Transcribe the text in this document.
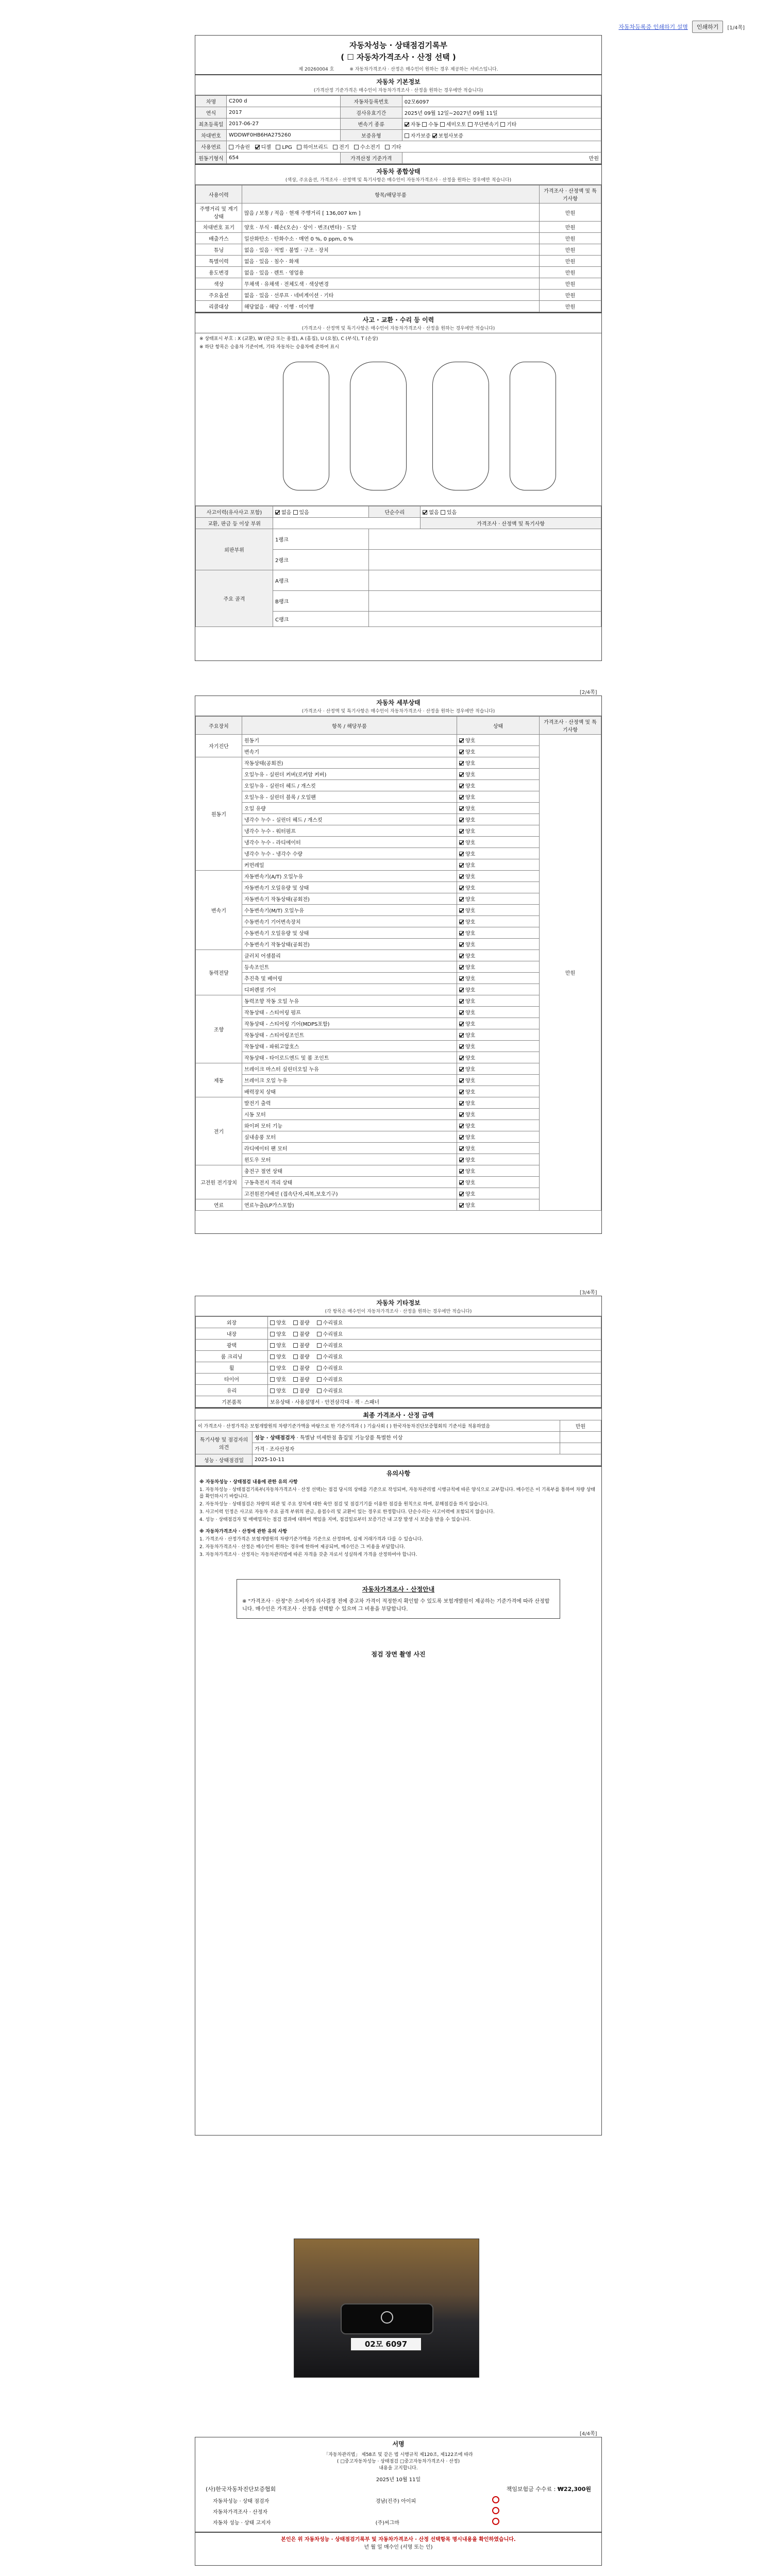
자동차등록증 인쇄하기 설명	인쇄하기	[1/4쪽]
자동차성능 · 상태점검기록부
( ☐ 자동차가격조사 · 산정 선택 )
제 20260004 호	※ 자동차가격조사 · 산정은 매수인이 원하는 경우 제공하는 서비스입니다.
자동차 기본정보
(가격산정 기준가격은 매수인이 자동차가격조사 · 산정을 원하는 경우에만 적습니다)
차명	C200 d	자동차등록번호	02모6097
연식	2017	검사유효기간	2025년 09월 12일~2027년 09월 11일
최초등록일	2017-06-27	변속기 종류	자동 수동 세미오토 무단변속기 기타
차대번호	WDDWF0HB6HA275260	보증유형	자가보증 보험사보증
사용연료	가솔린 디젤 LPG 하이브리드 전기 수소전기 기타		
원동기형식	654	가격산정 기준가격	만원
자동차 종합상태
(색상, 주요옵션, 가격조사 · 산정액 및 특기사항은 매수인이 자동차가격조사 · 산정을 원하는 경우에만 적습니다)
사용이력	항목/해당부품	가격조사 · 산정액 및 특기사항
주행거리 및 계기상태	많음 / 보통 / 적음 · 현재 주행거리 [ 136,007 km ]	만원
차대번호 표기	양호 · 부식 · 훼손(오손) · 상이 · 변조(변타) · 도말	만원
배출가스	일산화탄소 · 탄화수소 · 매연 0 %, 0 ppm, 0 %	만원
튜닝	없음 · 있음 · 적법 · 불법 · 구조 · 장치	만원
특별이력	없음 · 있음 · 침수 · 화재	만원
용도변경	없음 · 있음 · 렌트 · 영업용	만원
색상	무채색 · 유채색 · 전체도색 · 색상변경	만원
주요옵션	없음 · 있음 · 선루프 · 네비게이션 · 기타	만원
리콜대상	해당없음 · 해당 · 이행 · 미이행	만원
사고 · 교환 · 수리 등 이력
(가격조사 · 산정액 및 특기사항은 매수인이 자동차가격조사 · 산정을 원하는 경우에만 적습니다)
※ 상태표시 부호 : X (교환), W (판금 또는 용접), A (흠집), U (요철), C (부식), T (손상)
※ 하단 항목은 승용차 기준이며, 기타 자동차는 승용차에 준하여 표시
사고이력(유사사고 포함)	없음 있음	단순수리	없음 있음
교환, 판금 등 이상 부위			가격조사 · 산정액 및 특기사항
외판부위	1랭크		
	2랭크		
주요 골격	A랭크		
	B랭크		
	C랭크		
[2/4쪽]
자동차 세부상태
(가격조사 · 산정액 및 특기사항은 매수인이 자동차가격조사 · 산정을 원하는 경우에만 적습니다)
주요장치	항목 / 해당부품	상태	가격조사 · 산정액 및 특기사항
자기진단	원동기	양호	만원
	변속기	양호	
원동기	작동상태(공회전)	양호	
	오일누유 - 실린더 커버(로커암 커버)	양호	
	오일누유 - 실린더 헤드 / 개스킷	양호	
	오일누유 - 실린더 블록 / 오일팬	양호	
	오일 유량	양호	
	냉각수 누수 - 실린더 헤드 / 개스킷	양호	
	냉각수 누수 - 워터펌프	양호	
	냉각수 누수 - 라디에이터	양호	
	냉각수 누수 - 냉각수 수량	양호	
	커먼레일	양호	
변속기	자동변속기(A/T) 오일누유	양호	
	자동변속기 오일유량 및 상태	양호	
	자동변속기 작동상태(공회전)	양호	
	수동변속기(M/T) 오일누유	양호	
	수동변속기 기어변속장치	양호	
	수동변속기 오일유량 및 상태	양호	
	수동변속기 작동상태(공회전)	양호	
동력전달	클러치 어셈블리	양호	
	등속조인트	양호	
	추진축 및 베어링	양호	
	디퍼렌셜 기어	양호	
조향	동력조향 작동 오일 누유	양호	
	작동상태 - 스티어링 펌프	양호	
	작동상태 - 스티어링 기어(MDPS포함)	양호	
	작동상태 - 스티어링조인트	양호	
	작동상태 - 파워고압호스	양호	
	작동상태 - 타이로드엔드 및 볼 조인트	양호	
제동	브레이크 마스터 실린더오일 누유	양호	
	브레이크 오일 누유	양호	
	배력장치 상태	양호	
전기	발전기 출력	양호	
	시동 모터	양호	
	와이퍼 모터 기능	양호	
	실내송풍 모터	양호	
	라디에이터 팬 모터	양호	
	윈도우 모터	양호	
고전원 전기장치	충전구 절연 상태	양호	
	구동축전지 격리 상태	양호	
	고전원전기배선 (접속단자,피복,보호기구)	양호	
연료	연료누출(LP가스포함)	양호	
[3/4쪽]
자동차 기타정보
(각 항목은 매수인이 자동차가격조사 · 산정을 원하는 경우에만 적습니다)
외장	양호 불량 수리필요
내장	양호 불량 수리필요
광택	양호 불량 수리필요
룸 크리닝	양호 불량 수리필요
휠	양호 불량 수리필요
타이어	양호 불량 수리필요
유리	양호 불량 수리필요
기본품목	보유상태 · 사용설명서 · 안전삼각대 · 잭 · 스패너
최종 가격조사 · 산정 금액
이 가격조사 · 산정가격은 보험개발원의 차량기준가액을 바탕으로 한 기준가격과 ( ) 기술사회 ( ) 한국자동차진단보증협회의 기준서를 적용하였음		만원
특기사항 및 점검자의 의견	성능 · 상태점검자 · 특별남 미세한점 흡집및 기능상품 특별한 이상	
	가격 · 조사산정자	
성능 · 상태점검일	2025-10-11	
유의사항

※ 자동차성능 · 상태점검 내용에 관한 유의 사항

1. 자동차성능 · 상태점검기록부(자동차가격조사 · 산정 선택)는 점검 당시의 상태를 기준으로 작성되며, 자동차관리법 시행규칙에 따른 양식으로 교부합니다. 매수인은 이 기록부를 통하여 차량 상태를 확인하시기 바랍니다.

2. 자동차성능 · 상태점검은 차량의 외관 및 주요 장치에 대한 육안 점검 및 점검기기를 이용한 점검을 원칙으로 하며, 분해점검을 하지 않습니다.

3. 사고이력 인정은 사고로 자동차 주요 골격 부위의 판금, 용접수리 및 교환이 있는 경우로 한정합니다. 단순수리는 사고이력에 포함되지 않습니다.

4. 성능 · 상태점검자 및 매매업자는 점검 결과에 대하여 책임을 지며, 점검일로부터 보증기간 내 고장 발생 시 보증을 받을 수 있습니다.

※ 자동차가격조사 · 산정에 관한 유의 사항

1. 가격조사 · 산정가격은 보험개발원의 차량기준가액을 기준으로 산정하며, 실제 거래가격과 다를 수 있습니다.

2. 자동차가격조사 · 산정은 매수인이 원하는 경우에 한하여 제공되며, 매수인은 그 비용을 부담합니다.

3. 자동차가격조사 · 산정자는 자동차관리법에 따른 자격을 갖춘 자로서 성실하게 가격을 산정하여야 합니다.

자동차가격조사 · 산정안내
※ "가격조사 · 산정"은 소비자가 의사결정 전에 중고차 가격이 적정한지 확인할 수 있도록 보험개발원이 제공하는 기준가격에 따라 산정합니다. 매수인은 가격조사 · 산정을 선택할 수 있으며 그 비용을 부담합니다.
점검 장면 촬영 사진
02모 6097
[4/4쪽]
서명
「자동차관리법」 제58조 및 같은 법 시행규칙 제120조, 제122조에 따라
( □중고자동차성능 · 상태점검 □중고자동차가격조사 · 산정)
내용을 고지합니다.
2025년 10월 11일
(사)한국자동차진단보증협회	책임보험금 수수료 : ₩22,300원
자동차성능 · 상태 점검자	경남(진주) 아이피	
자동차가격조사 · 산정자		
자동차 성능 · 상태 고지자	(주)씨그마	
본인은 위 자동차성능 · 상태점검기록부 및 자동차가격조사 · 산정 선택항목 명시내용을 확인하였습니다.
년 월 일 매수인 (서명 또는 인)
